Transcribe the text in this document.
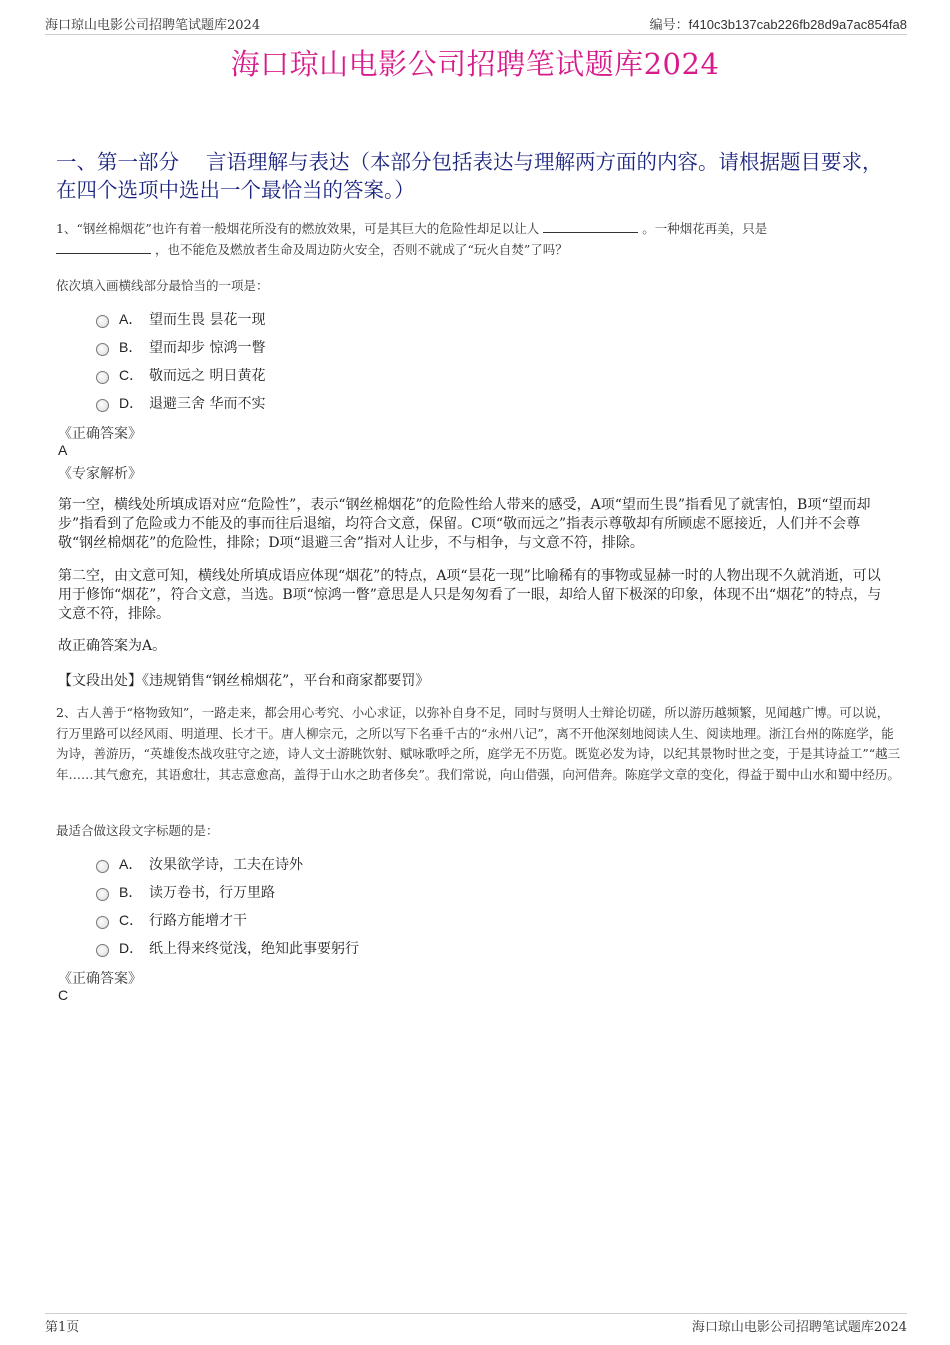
海口琼山电影公司招聘笔试题库2024	编号：f410c3b137cab226fb28d9a7ac854fa8
海口琼山电影公司招聘笔试题库2024
一、第一部分　 言语理解与表达（本部分包括表达与理解两方面的内容。请根据题目要求，在四个选项中选出一个最恰当的答案。）
1、“钢丝棉烟花”也许有着一般烟花所没有的燃放效果，可是其巨大的危险性却足以让人	。一种烟花再美，只是
，也不能危及燃放者生命及周边防火安全，否则不就成了“玩火自焚”了吗？
依次填入画横线部分最恰当的一项是：
A． 望而生畏 昙花一现
B． 望而却步 惊鸿一瞥
C． 敬而远之 明日黄花
D． 退避三舍 华而不实
《正确答案》
A
《专家解析》
第一空，横线处所填成语对应“危险性”，表示“钢丝棉烟花”的危险性给人带来的感受，A项“望而生畏”指看见了就害怕，B项“望而却步”指看到了危险或力不能及的事而往后退缩，均符合文意，保留。C项“敬而远之”指表示尊敬却有所顾虑不愿接近，人们并不会尊敬“钢丝棉烟花”的危险性，排除；D项“退避三舍”指对人让步，不与相争，与文意不符，排除。
第二空，由文意可知，横线处所填成语应体现“烟花”的特点，A项“昙花一现”比喻稀有的事物或显赫一时的人物出现不久就消逝，可以用于修饰“烟花”，符合文意，当选。B项“惊鸿一瞥”意思是人只是匆匆看了一眼，却给人留下极深的印象，体现不出“烟花”的特点，与文意不符，排除。
故正确答案为A。
【文段出处】《违规销售“钢丝棉烟花”，平台和商家都要罚》
2、古人善于“格物致知”，一路走来，都会用心考究、小心求证，以弥补自身不足，同时与贤明人士辩论切磋，所以游历越频繁，见闻越广博。可以说，行万里路可以经风雨、明道理、长才干。唐人柳宗元，之所以写下名垂千古的“永州八记”，离不开他深刻地阅读人生、阅读地理。浙江台州的陈庭学，能为诗，善游历，“英雄俊杰战攻驻守之迹，诗人文士游眺饮射、赋咏歌呼之所，庭学无不历览。既览必发为诗，以纪其景物时世之变，于是其诗益工”“越三年……其气愈充，其语愈壮，其志意愈高，盖得于山水之助者侈矣”。我们常说，向山借强，向河借奔。陈庭学文章的变化，得益于蜀中山水和蜀中经历。
最适合做这段文字标题的是：
A． 汝果欲学诗，工夫在诗外
B． 读万卷书，行万里路
C． 行路方能增才干
D． 纸上得来终觉浅，绝知此事要躬行
《正确答案》
C
第1页	海口琼山电影公司招聘笔试题库2024
